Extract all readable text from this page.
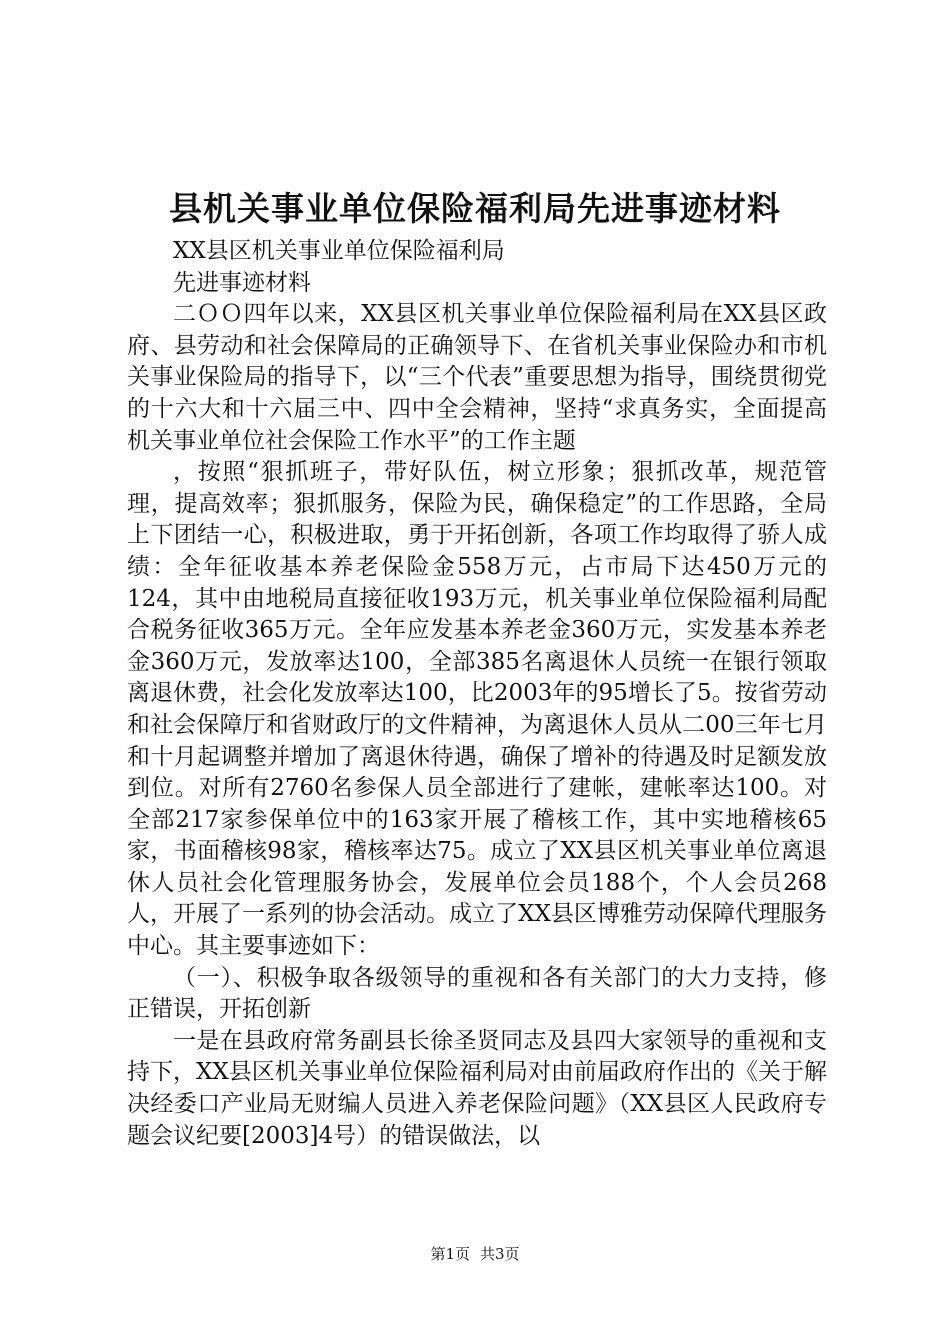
县机关事业单位保险福利局先进事迹材料

XX县区机关事业单位保险福利局

先进事迹材料

二ＯＯ四年以来，XX县区机关事业单位保险福利局在XX县区政府、县劳动和社会保障局的正确领导下、在省机关事业保险办和市机关事业保险局的指导下，以“三个代表”重要思想为指导，围绕贯彻党的十六大和十六届三中、四中全会精神，坚持“求真务实，全面提高机关事业单位社会保险工作水平”的工作主题

，按照“狠抓班子，带好队伍，树立形象；狠抓改革，规范管理，提高效率；狠抓服务，保险为民，确保稳定”的工作思路，全局上下团结一心，积极进取，勇于开拓创新，各项工作均取得了骄人成绩：全年征收基本养老保险金558万元，占市局下达450万元的124，其中由地税局直接征收193万元，机关事业单位保险福利局配合税务征收365万元。全年应发基本养老金360万元，实发基本养老金360万元，发放率达100，全部385名离退休人员统一在银行领取离退休费，社会化发放率达100，比2003年的95增长了5。按省劳动和社会保障厅和省财政厅的文件精神，为离退休人员从二00三年七月和十月起调整并增加了离退休待遇，确保了增补的待遇及时足额发放到位。对所有2760名参保人员全部进行了建帐，建帐率达100。对全部217家参保单位中的163家开展了稽核工作，其中实地稽核65家，书面稽核98家，稽核率达75。成立了XX县区机关事业单位离退休人员社会化管理服务协会，发展单位会员188个，个人会员268人，开展了一系列的协会活动。成立了XX县区博雅劳动保障代理服务中心。其主要事迹如下：

（一）、积极争取各级领导的重视和各有关部门的大力支持，修正错误，开拓创新

一是在县政府常务副县长徐圣贤同志及县四大家领导的重视和支持下，XX县区机关事业单位保险福利局对由前届政府作出的《关于解决经委口产业局无财编人员进入养老保险问题》（XX县区人民政府专题会议纪要[2003]4号）的错误做法，以

第1页 共3页
